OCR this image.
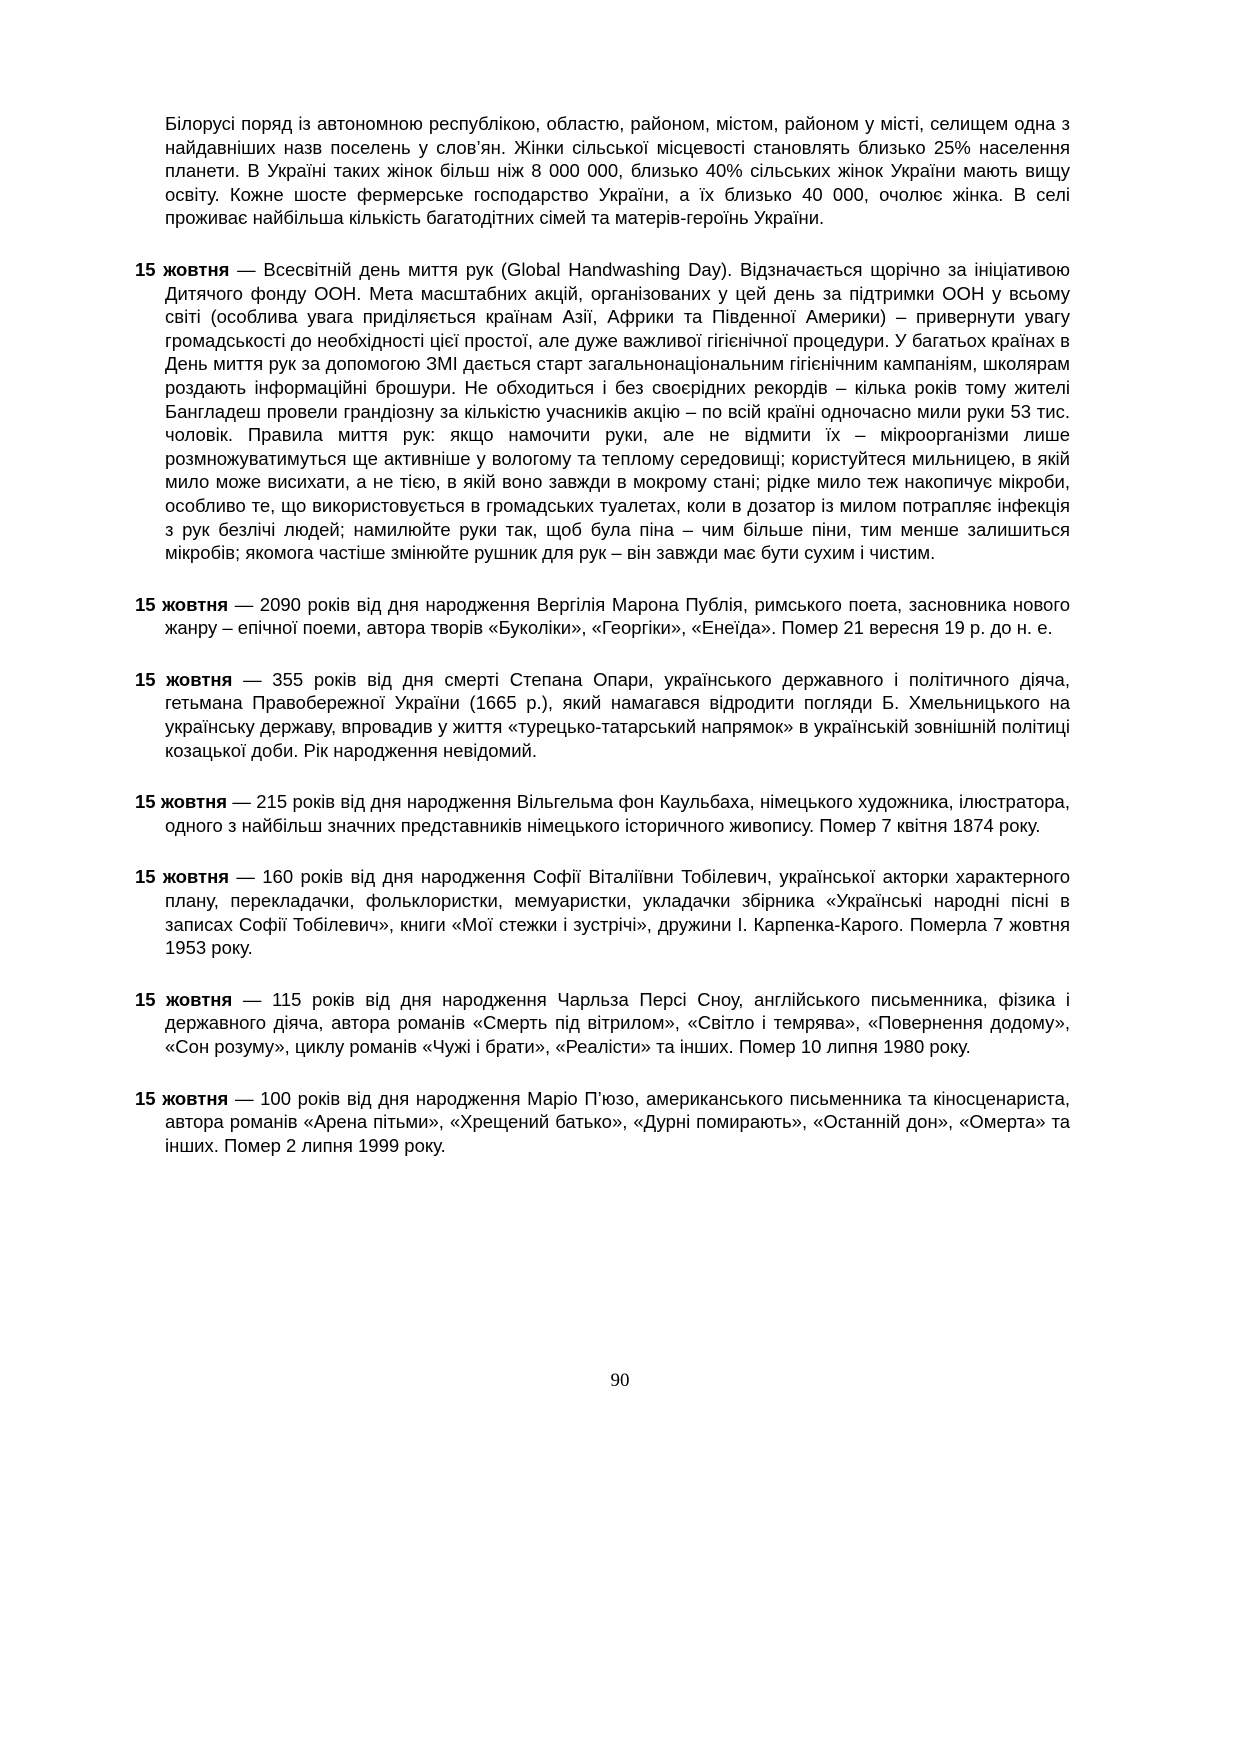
Білорусі поряд із автономною республікою, областю, районом, містом, районом у місті, селищем одна з найдавніших назв поселень у слов’ян. Жінки сільської місцевості становлять близько 25% населення планети. В Україні таких жінок більш ніж 8 000 000, близько 40% сільських жінок України мають вищу освіту. Кожне шосте фермерське господарство України, а їх близько 40 000, очолює жінка. В селі проживає найбільша кількість багатодітних сімей та матерів-героїнь України.

15 жовтня — Всесвітній день миття рук (Global Handwashing Day). Відзначається щорічно за ініціативою Дитячого фонду ООН. Мета масштабних акцій, організованих у цей день за підтримки ООН у всьому світі (особлива увага приділяється країнам Азії, Африки та Південної Америки) – привернути увагу громадськості до необхідності цієї простої, але дуже важливої гігієнічної процедури. У багатьох країнах в День миття рук за допомогою ЗМІ дається старт загальнонаціональним гігієнічним кампаніям, школярам роздають інформаційні брошури. Не обходиться і без своєрідних рекордів – кілька років тому жителі Бангладеш провели грандіозну за кількістю учасників акцію – по всій країні одночасно мили руки 53 тис. чоловік. Правила миття рук: якщо намочити руки, але не відмити їх – мікроорганізми лише розмножуватимуться ще активніше у вологому та теплому середовищі; користуйтеся мильницею, в якій мило може висихати, а не тією, в якій воно завжди в мокрому стані; рідке мило теж накопичує мікроби, особливо те, що використовується в громадських туалетах, коли в дозатор із милом потрапляє інфекція з рук безлічі людей; намилюйте руки так, щоб була піна – чим більше піни, тим менше залишиться мікробів; якомога частіше змінюйте рушник для рук – він завжди має бути сухим і чистим.

15 жовтня — 2090 років від дня народження Вергілія Марона Публія, римського поета, засновника нового жанру – епічної поеми, автора творів «Буколіки», «Георгіки», «Енеїда». Помер 21 вересня 19 р. до н. е.

15 жовтня — 355 років від дня смерті Степана Опари, українського державного і політичного діяча, гетьмана Правобережної України (1665 р.), який намагався відродити погляди Б. Хмельницького на українську державу, впровадив у життя «турецько-татарський напрямок» в українській зовнішній політиці козацької доби. Рік народження невідомий.

15 жовтня — 215 років від дня народження Вільгельма фон Каульбаха, німецького художника, ілюстратора, одного з найбільш значних представників німецького історичного живопису. Помер 7 квітня 1874 року.

15 жовтня — 160 років від дня народження Софії Віталіївни Тобілевич, української акторки характерного плану, перекладачки, фольклористки, мемуаристки, укладачки збірника «Українські народні пісні в записах Софії Тобілевич», книги «Мої стежки і зустрічі», дружини І. Карпенка-Карого. Померла 7 жовтня 1953 року.

15 жовтня — 115 років від дня народження Чарльза Персі Сноу, англійського письменника, фізика і державного діяча, автора романів «Смерть під вітрилом», «Світло і темрява», «Повернення додому», «Сон розуму», циклу романів «Чужі і брати», «Реалісти» та інших. Помер 10 липня 1980 року.

15 жовтня — 100 років від дня народження Маріо П’юзо, американського письменника та кіносценариста, автора романів «Арена пітьми», «Хрещений батько», «Дурні помирають», «Останній дон», «Омерта» та інших. Помер 2 липня 1999 року.

90
